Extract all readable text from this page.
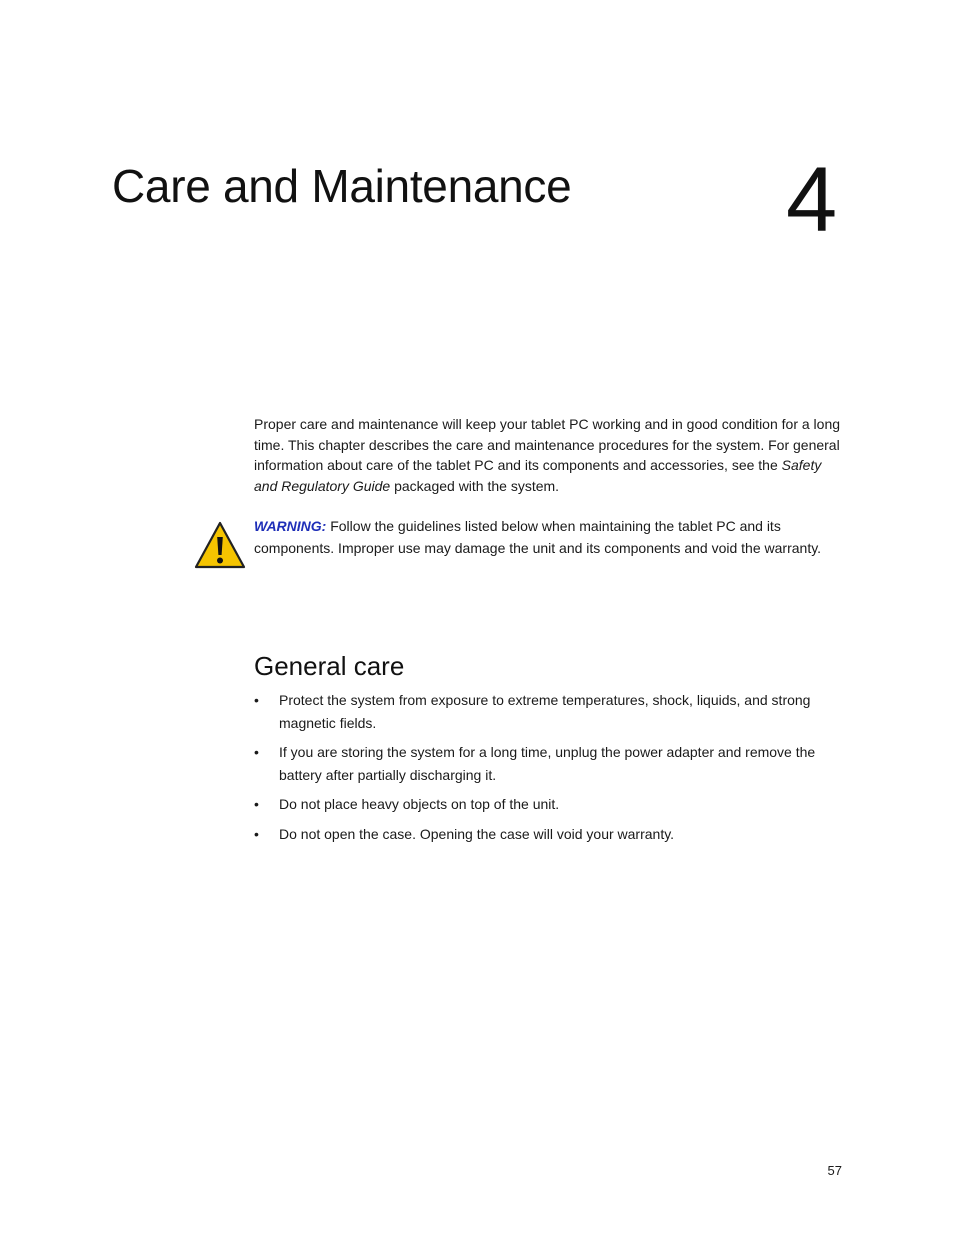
Care and Maintenance 4

Proper care and maintenance will keep your tablet PC working and in good condition for a long time. This chapter describes the care and maintenance procedures for the system. For general information about care of the tablet PC and its components and accessories, see the Safety and Regulatory Guide packaged with the system.

WARNING: Follow the guidelines listed below when maintaining the tablet PC and its components. Improper use may damage the unit and its components and void the warranty.

General care
• Protect the system from exposure to extreme temperatures, shock, liquids, and strong magnetic fields.
• If you are storing the system for a long time, unplug the power adapter and remove the battery after partially discharging it.
• Do not place heavy objects on top of the unit.
• Do not open the case. Opening the case will void your warranty.
57
